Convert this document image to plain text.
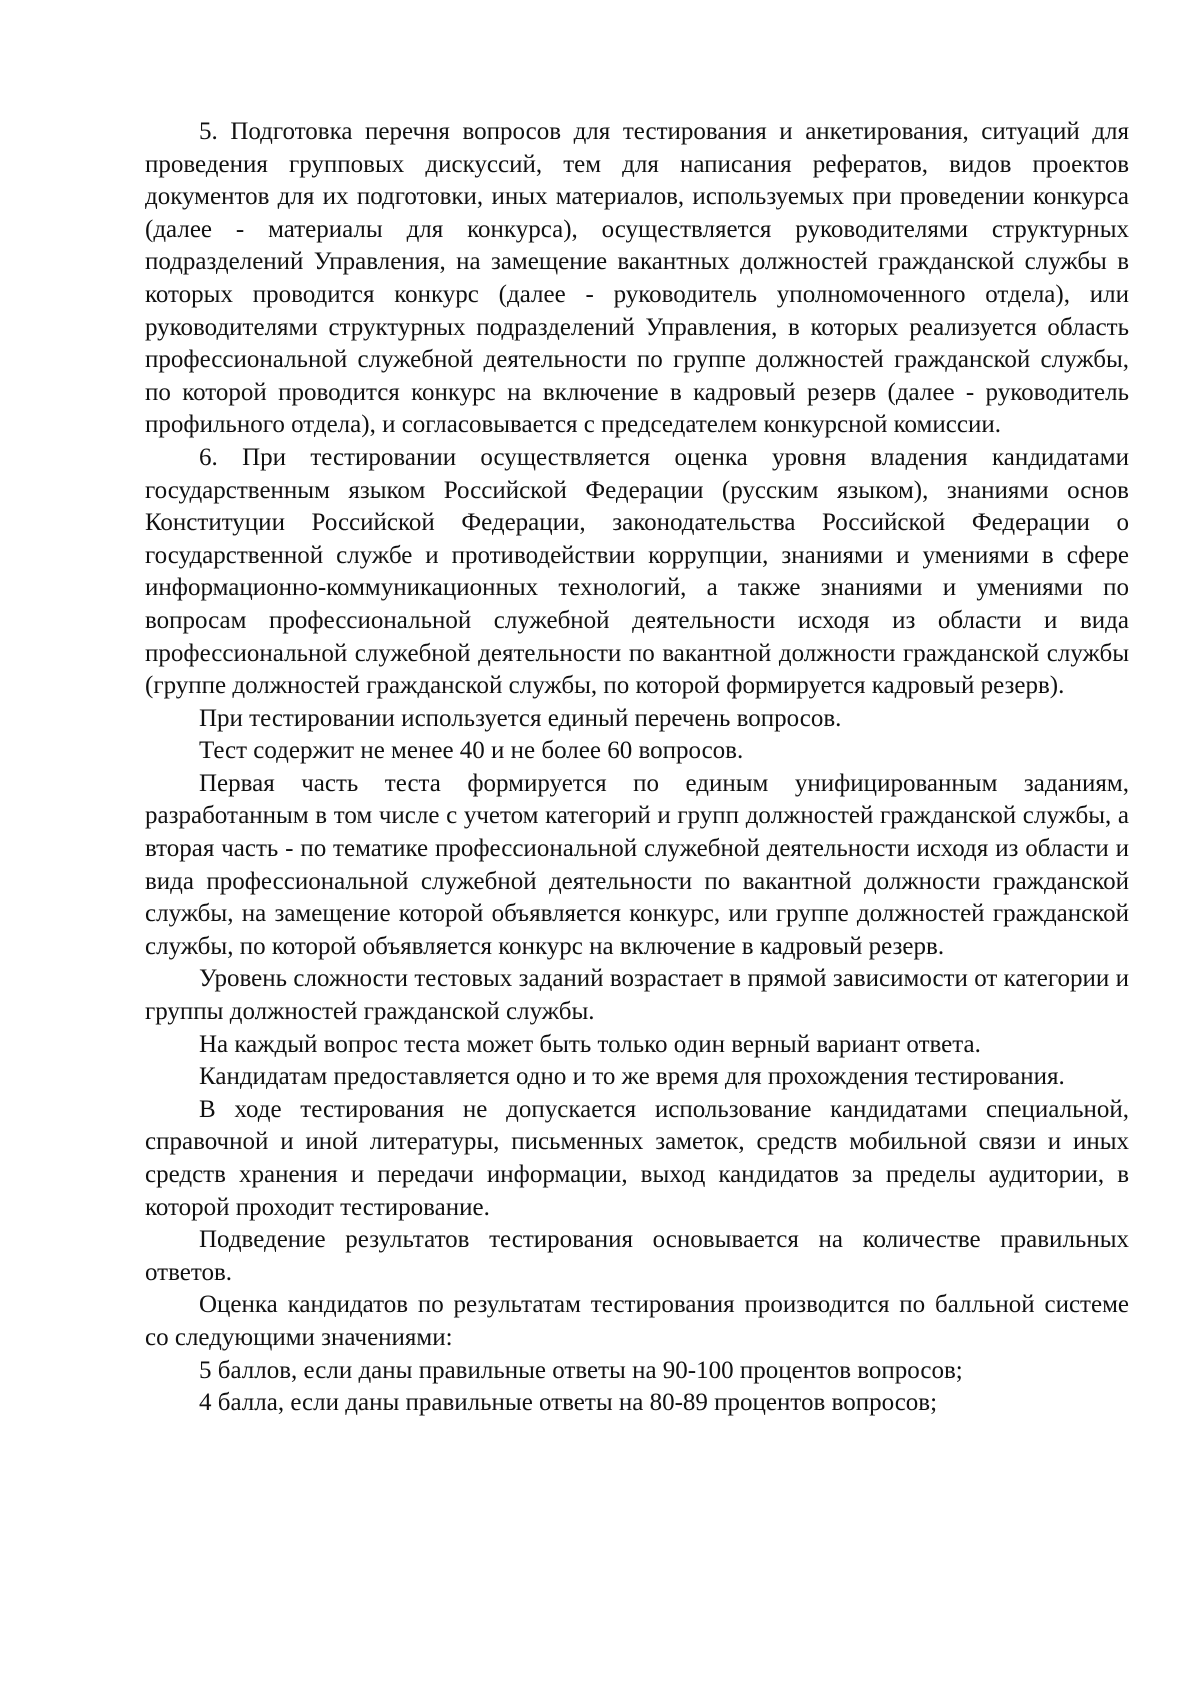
5. Подготовка перечня вопросов для тестирования и анкетирования, ситуаций для проведения групповых дискуссий, тем для написания рефератов, видов проектов документов для их подготовки, иных материалов, используемых при проведении конкурса (далее - материалы для конкурса), осуществляется руководителями структурных подразделений Управления, на замещение вакантных должностей гражданской службы в которых проводится конкурс (далее - руководитель уполномоченного отдела), или руководителями структурных подразделений Управления, в которых реализуется область профессиональной служебной деятельности по группе должностей гражданской службы, по которой проводится конкурс на включение в кадровый резерв (далее - руководитель профильного отдела), и согласовывается с председателем конкурсной комиссии.

6. При тестировании осуществляется оценка уровня владения кандидатами государственным языком Российской Федерации (русским языком), знаниями основ Конституции Российской Федерации, законодательства Российской Федерации о государственной службе и противодействии коррупции, знаниями и умениями в сфере информационно-коммуникационных технологий, а также знаниями и умениями по вопросам профессиональной служебной деятельности исходя из области и вида профессиональной служебной деятельности по вакантной должности гражданской службы (группе должностей гражданской службы, по которой формируется кадровый резерв).

При тестировании используется единый перечень вопросов.

Тест содержит не менее 40 и не более 60 вопросов.

Первая часть теста формируется по единым унифицированным заданиям, разработанным в том числе с учетом категорий и групп должностей гражданской службы, а вторая часть - по тематике профессиональной служебной деятельности исходя из области и вида профессиональной служебной деятельности по вакантной должности гражданской службы, на замещение которой объявляется конкурс, или группе должностей гражданской службы, по которой объявляется конкурс на включение в кадровый резерв.

Уровень сложности тестовых заданий возрастает в прямой зависимости от категории и группы должностей гражданской службы.

На каждый вопрос теста может быть только один верный вариант ответа.

Кандидатам предоставляется одно и то же время для прохождения тестирования.

В ходе тестирования не допускается использование кандидатами специальной, справочной и иной литературы, письменных заметок, средств мобильной связи и иных средств хранения и передачи информации, выход кандидатов за пределы аудитории, в которой проходит тестирование.

Подведение результатов тестирования основывается на количестве правильных ответов.

Оценка кандидатов по результатам тестирования производится по балльной системе со следующими значениями:

5 баллов, если даны правильные ответы на 90-100 процентов вопросов;

4 балла, если даны правильные ответы на 80-89 процентов вопросов;
